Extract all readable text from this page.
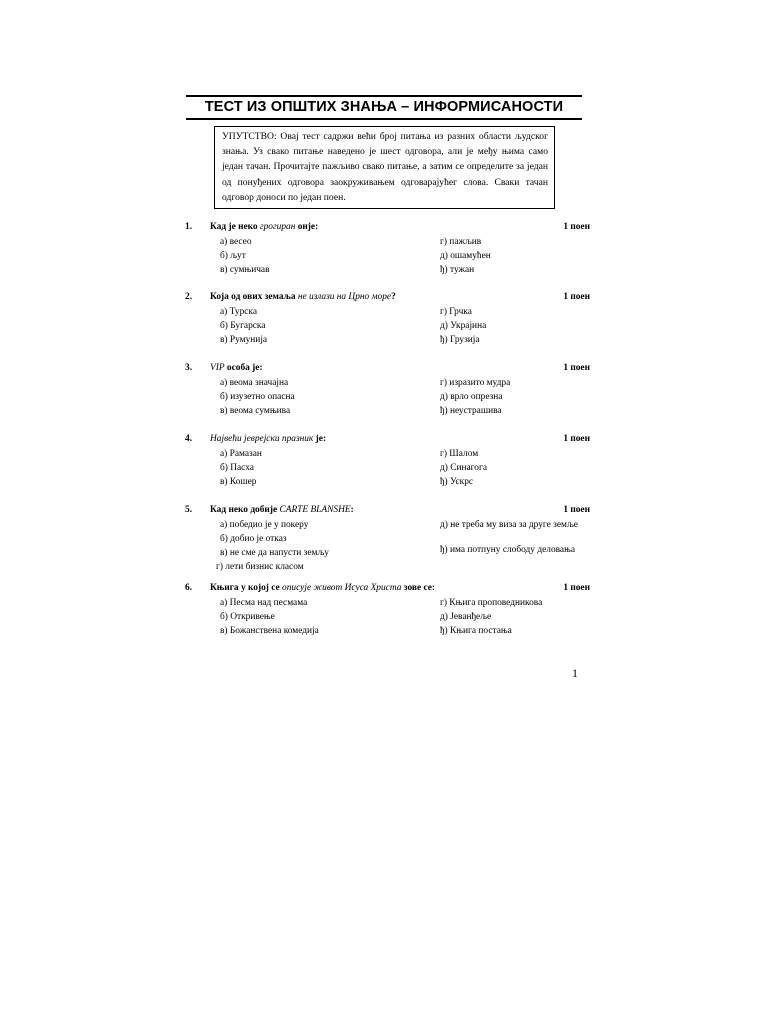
ТЕСТ ИЗ ОПШТИХ ЗНАЊА – ИНФОРМИСАНОСТИ
УПУТСТВО: Овај тест садржи већи број питања из разних области људског знања. Уз свако питање наведено је шест одговора, али је међу њима само један тачан. Прочитајте пажљиво свако питање, а затим се определите за један од понуђених одговора заокруживањем одговарајућег слова. Сваки тачан одговор доноси по један поен.
1. Кад је неко грогиран онје:	1 поен
а) весео
б) љут
в) сумњичав
г) пажљив
д) ошамућен
ђ) тужан
2. Која од ових земаља не излази на Црно море?	1 поен
а) Турска
б) Бугарска
в) Румунија
г) Грчка
д) Украјина
ђ) Грузија
3. VIP особа је:	1 поен
а) веома значајна
б) изузетно опасна
в) веома сумњива
г) изразито мудра
д) врло опрезна
ђ) неустрашива
4. Највећи јеврејски празник је:	1 поен
а) Рамазан
б) Пасха
в) Кошер
г) Шалом
д) Синагога
ђ) Ускрс
5. Кад неко добије CARTE BLANSHE:	1 поен
а) победио је у покеру
б) добио је отказ
в) не сме да напусти земљу
г) лети бизнис класом
д) не треба му виза за друге земље
ђ) има потпуну слободу деловања
6. Књига у којој се описује живот Исуса Христа зове се:	1 поен
а) Песма над песмама
б) Откривење
в) Божанствена комедија
г) Књига проповедникова
д) Јеванђеље
ђ) Књига постања
1
